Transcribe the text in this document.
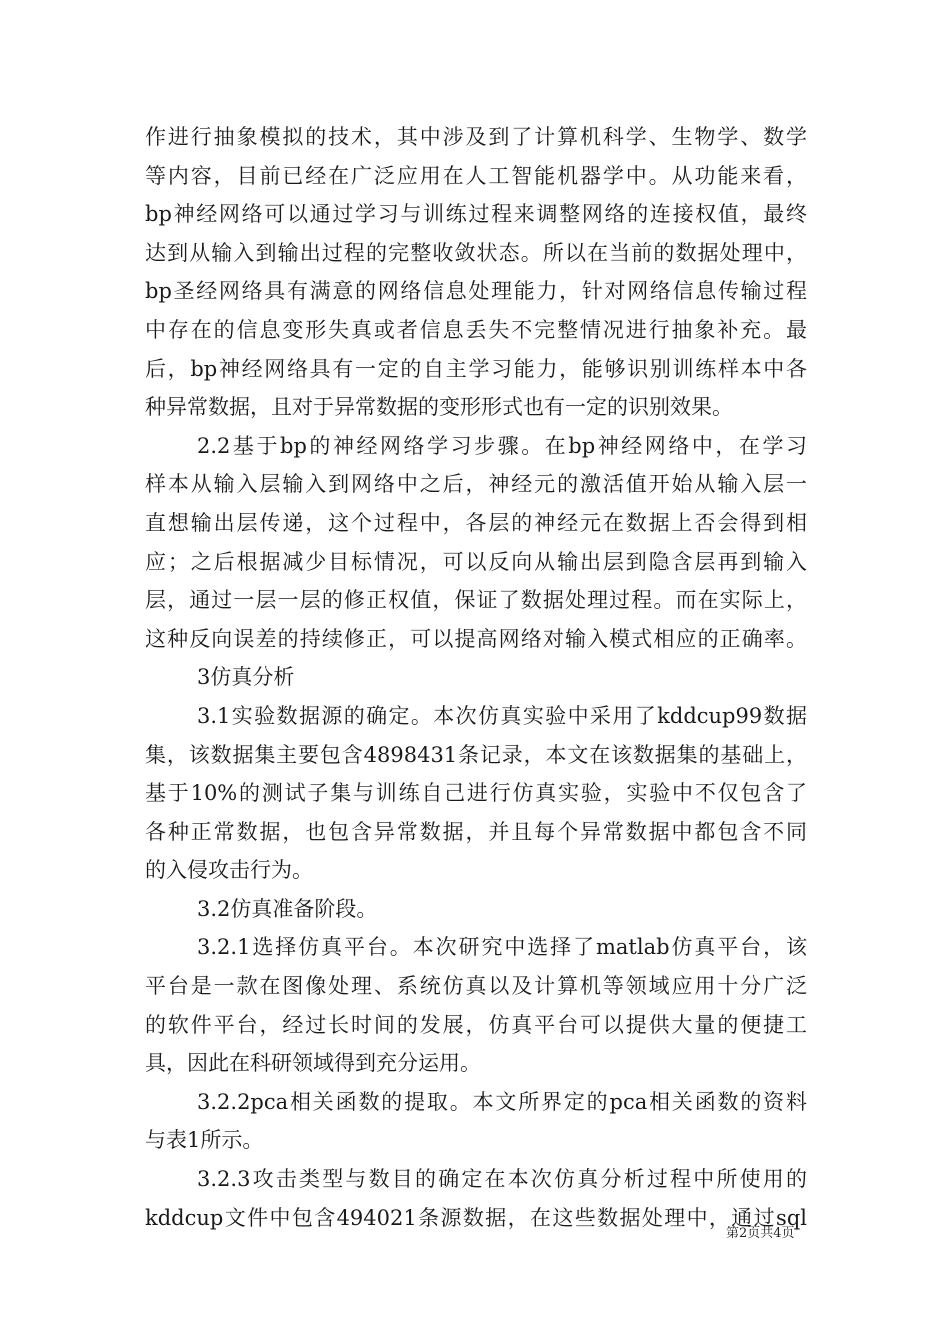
作进行抽象模拟的技术，其中涉及到了计算机科学、生物学、数学
等内容，目前已经在广泛应用在人工智能机器学中。从功能来看，
bp神经网络可以通过学习与训练过程来调整网络的连接权值，最终
达到从输入到输出过程的完整收敛状态。所以在当前的数据处理中，
bp圣经网络具有满意的网络信息处理能力，针对网络信息传输过程
中存在的信息变形失真或者信息丢失不完整情况进行抽象补充。最
后，bp神经网络具有一定的自主学习能力，能够识别训练样本中各
种异常数据，且对于异常数据的变形形式也有一定的识别效果。
2.2基于bp的神经网络学习步骤。在bp神经网络中，在学习
样本从输入层输入到网络中之后，神经元的激活值开始从输入层一
直想输出层传递，这个过程中，各层的神经元在数据上否会得到相
应；之后根据减少目标情况，可以反向从输出层到隐含层再到输入
层，通过一层一层的修正权值，保证了数据处理过程。而在实际上，
这种反向误差的持续修正，可以提高网络对输入模式相应的正确率。
3仿真分析
3.1实验数据源的确定。本次仿真实验中采用了kddcup99数据
集，该数据集主要包含4898431条记录，本文在该数据集的基础上，
基于10%的测试子集与训练自己进行仿真实验，实验中不仅包含了
各种正常数据，也包含异常数据，并且每个异常数据中都包含不同
的入侵攻击行为。
3.2仿真准备阶段。
3.2.1选择仿真平台。本次研究中选择了matlab仿真平台，该
平台是一款在图像处理、系统仿真以及计算机等领域应用十分广泛
的软件平台，经过长时间的发展，仿真平台可以提供大量的便捷工
具，因此在科研领域得到充分运用。
3.2.2pca相关函数的提取。本文所界定的pca相关函数的资料
与表1所示。
3.2.3攻击类型与数目的确定在本次仿真分析过程中所使用的
kddcup文件中包含494021条源数据，在这些数据处理中，通过sql
第2页共4页
